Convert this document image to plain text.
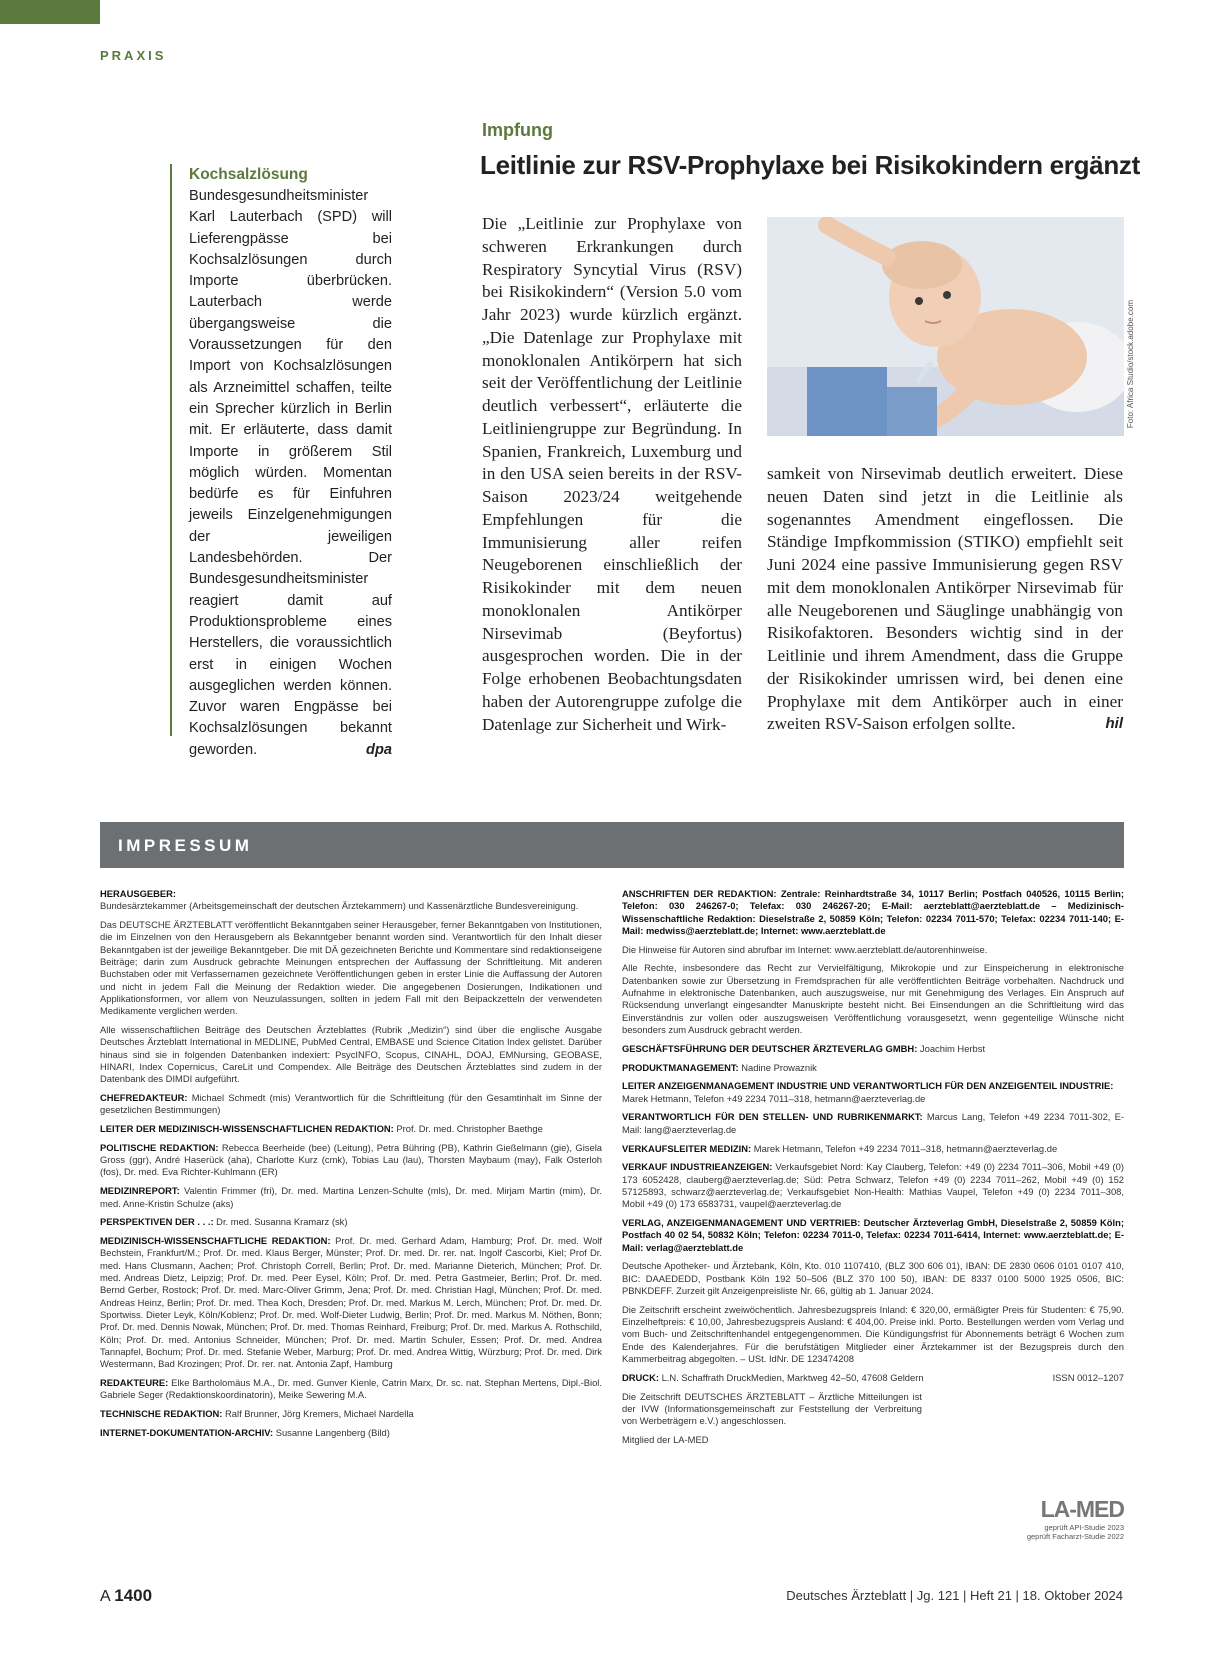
PRAXIS
Kochsalzlösung
Bundesgesundheitsminister Karl Lauterbach (SPD) will Lieferengpässe bei Kochsalzlösungen durch Importe überbrücken. Lauterbach werde übergangsweise die Voraussetzungen für den Import von Kochsalzlösungen als Arzneimittel schaffen, teilte ein Sprecher kürzlich in Berlin mit. Er erläuterte, dass damit Importe in größerem Stil möglich würden. Momentan bedürfe es für Einfuhren jeweils Einzelgenehmigungen der jeweiligen Landesbehörden. Der Bundesgesundheitsminister reagiert damit auf Produktionsprobleme eines Herstellers, die voraussichtlich erst in einigen Wochen ausgeglichen werden können. Zuvor waren Engpässe bei Kochsalzlösungen bekannt geworden.	dpa
Impfung
Leitlinie zur RSV-Prophylaxe bei Risikokindern ergänzt
Die „Leitlinie zur Prophylaxe von schweren Erkrankungen durch Respiratory Syncytial Virus (RSV) bei Risikokindern“ (Version 5.0 vom Jahr 2023) wurde kürzlich ergänzt. „Die Datenlage zur Prophylaxe mit monoklonalen Antikörpern hat sich seit der Veröffentlichung der Leitlinie deutlich verbessert“, erläuterte die Leitliniengruppe zur Begründung. In Spanien, Frankreich, Luxemburg und in den USA seien bereits in der RSV-Saison 2023/24 weitgehende Empfehlungen für die Immunisierung aller reifen Neugeborenen einschließlich der Risikokinder mit dem neuen monoklonalen Antikörper Nirsevimab (Beyfortus) ausgesprochen worden. Die in der Folge erhobenen Beobachtungsdaten haben der Autorengruppe zufolge die Datenlage zur Sicherheit und Wirk-
Foto: Africa Studio/stock.adobe.com
samkeit von Nirsevimab deutlich erweitert. Diese neuen Daten sind jetzt in die Leitlinie als sogenanntes Amendment eingeflossen. Die Ständige Impfkommission (STIKO) empfiehlt seit Juni 2024 eine passive Immunisierung gegen RSV mit dem monoklonalen Antikörper Nirsevimab für alle Neugeborenen und Säuglinge unabhängig von Risikofaktoren. Besonders wichtig sind in der Leitlinie und ihrem Amendment, dass die Gruppe der Risikokinder umrissen wird, bei denen eine Prophylaxe mit dem Antikörper auch in einer zweiten RSV-Saison erfolgen sollte.	hil
IMPRESSUM

HERAUSGEBER:
Bundesärztekammer (Arbeitsgemeinschaft der deutschen Ärztekammern) und Kassenärztliche Bundesvereinigung.

Das DEUTSCHE ÄRZTEBLATT veröffentlicht Bekanntgaben seiner Herausgeber, ferner Bekanntgaben von Institutionen, die im Einzelnen von den Herausgebern als Bekanntgeber benannt worden sind. Verantwortlich für den Inhalt dieser Bekanntgaben ist der jeweilige Bekanntgeber. Die mit DÄ gezeichneten Berichte und Kommentare sind redaktionseigene Beiträge; darin zum Ausdruck gebrachte Meinungen entsprechen der Auffassung der Schriftleitung. Mit anderen Buchstaben oder mit Verfassernamen gezeichnete Veröffentlichungen geben in erster Linie die Auffassung der Autoren und nicht in jedem Fall die Meinung der Redaktion wieder. Die angegebenen Dosierungen, Indikationen und Applikationsformen, vor allem von Neuzulassungen, sollten in jedem Fall mit den Beipackzetteln der verwendeten Medikamente verglichen werden.

Alle wissenschaftlichen Beiträge des Deutschen Ärzteblattes (Rubrik „Medizin“) sind über die englische Ausgabe Deutsches Ärzteblatt International in MEDLINE, PubMed Central, EMBASE und Science Citation Index gelistet. Darüber hinaus sind sie in folgenden Datenbanken indexiert: PsycINFO, Scopus, CINAHL, DOAJ, EMNursing, GEOBASE, HINARI, Index Copernicus, CareLit und Compendex. Alle Beiträge des Deutschen Ärzteblattes sind zudem in der Datenbank des DIMDI aufgeführt.

CHEFREDAKTEUR: Michael Schmedt (mis) Verantwortlich für die Schriftleitung (für den Gesamtinhalt im Sinne der gesetzlichen Bestimmungen)

LEITER DER MEDIZINISCH-WISSENSCHAFTLICHEN REDAKTION: Prof. Dr. med. Christopher Baethge

POLITISCHE REDAKTION: Rebecca Beerheide (bee) (Leitung), Petra Bühring (PB), Kathrin Gießelmann (gie), Gisela Gross (ggr), André Haserück (aha), Charlotte Kurz (cmk), Tobias Lau (lau), Thorsten Maybaum (may), Falk Osterloh (fos), Dr. med. Eva Richter-Kuhlmann (ER)

MEDIZINREPORT: Valentin Frimmer (fri), Dr. med. Martina Lenzen-Schulte (mls), Dr. med. Mirjam Martin (mim), Dr. med. Anne-Kristin Schulze (aks)

PERSPEKTIVEN DER . . .: Dr. med. Susanna Kramarz (sk)

MEDIZINISCH-WISSENSCHAFTLICHE REDAKTION: Prof. Dr. med. Gerhard Adam, Hamburg; Prof. Dr. med. Wolf Bechstein, Frankfurt/M.; Prof. Dr. med. Klaus Berger, Münster; Prof. Dr. med. Dr. rer. nat. Ingolf Cascorbi, Kiel; Prof Dr. med. Hans Clusmann, Aachen; Prof. Christoph Correll, Berlin; Prof. Dr. med. Marianne Dieterich, München; Prof. Dr. med. Andreas Dietz, Leipzig; Prof. Dr. med. Peer Eysel, Köln; Prof. Dr. med. Petra Gastmeier, Berlin; Prof. Dr. med. Bernd Gerber, Rostock; Prof. Dr. med. Marc-Oliver Grimm, Jena; Prof. Dr. med. Christian Hagl, München; Prof. Dr. med. Andreas Heinz, Berlin; Prof. Dr. med. Thea Koch, Dresden; Prof. Dr. med. Markus M. Lerch, München; Prof. Dr. med. Dr. Sportwiss. Dieter Leyk, Köln/Koblenz; Prof. Dr. med. Wolf-Dieter Ludwig, Berlin; Prof. Dr. med. Markus M. Nöthen, Bonn; Prof. Dr. med. Dennis Nowak, München; Prof. Dr. med. Thomas Reinhard, Freiburg; Prof. Dr. med. Markus A. Rothschild, Köln; Prof. Dr. med. Antonius Schneider, München; Prof. Dr. med. Martin Schuler, Essen; Prof. Dr. med. Andrea Tannapfel, Bochum; Prof. Dr. med. Stefanie Weber, Marburg; Prof. Dr. med. Andrea Wittig, Würzburg; Prof. Dr. med. Dirk Westermann, Bad Krozingen; Prof. Dr. rer. nat. Antonia Zapf, Hamburg

REDAKTEURE: Elke Bartholomäus M.A., Dr. med. Gunver Kienle, Catrin Marx, Dr. sc. nat. Stephan Mertens, Dipl.-Biol. Gabriele Seger (Redaktionskoordinatorin), Meike Sewering M.A.

TECHNISCHE REDAKTION: Ralf Brunner, Jörg Kremers, Michael Nardella

INTERNET-DOKUMENTATION-ARCHIV: Susanne Langenberg (Bild)

ANSCHRIFTEN DER REDAKTION: Zentrale: Reinhardtstraße 34, 10117 Berlin; Postfach 040526, 10115 Berlin; Telefon: 030 246267-0; Telefax: 030 246267-20; E-Mail: aerzteblatt@aerzteblatt.de – Medizinisch-Wissenschaftliche Redaktion: Dieselstraße 2, 50859 Köln; Telefon: 02234 7011-570; Telefax: 02234 7011-140; E-Mail: medwiss@aerzteblatt.de; Internet: www.aerzteblatt.de

Die Hinweise für Autoren sind abrufbar im Internet: www.aerzteblatt.de/autorenhinweise.

Alle Rechte, insbesondere das Recht zur Vervielfältigung, Mikrokopie und zur Einspeicherung in elektronische Datenbanken sowie zur Übersetzung in Fremdsprachen für alle veröffentlichten Beiträge vorbehalten. Nachdruck und Aufnahme in elektronische Datenbanken, auch auszugsweise, nur mit Genehmigung des Verlages. Ein Anspruch auf Rücksendung unverlangt eingesandter Manuskripte besteht nicht. Bei Einsendungen an die Schriftleitung wird das Einverständnis zur vollen oder auszugsweisen Veröffentlichung vorausgesetzt, wenn gegenteilige Wünsche nicht besonders zum Ausdruck gebracht werden.

GESCHÄFTSFÜHRUNG DER DEUTSCHER ÄRZTEVERLAG GMBH: Joachim Herbst

PRODUKTMANAGEMENT: Nadine Prowaznik

LEITER ANZEIGENMANAGEMENT INDUSTRIE UND VERANTWORTLICH FÜR DEN ANZEIGENTEIL INDUSTRIE:
Marek Hetmann, Telefon +49 2234 7011–318, hetmann@aerzteverlag.de

VERANTWORTLICH FÜR DEN STELLEN- UND RUBRIKENMARKT: Marcus Lang, Telefon +49 2234 7011-302, E-Mail: lang@aerzteverlag.de

VERKAUFSLEITER MEDIZIN: Marek Hetmann, Telefon +49 2234 7011–318, hetmann@aerzteverlag.de

VERKAUF INDUSTRIEANZEIGEN: Verkaufsgebiet Nord: Kay Clauberg, Telefon: +49 (0) 2234 7011–306, Mobil +49 (0) 173 6052428, clauberg@aerzteverlag.de; Süd: Petra Schwarz, Telefon +49 (0) 2234 7011–262, Mobil +49 (0) 152 57125893, schwarz@aerzteverlag.de; Verkaufsgebiet Non-Health: Mathias Vaupel, Telefon +49 (0) 2234 7011–308, Mobil +49 (0) 173 6583731, vaupel@aerzteverlag.de

VERLAG, ANZEIGENMANAGEMENT UND VERTRIEB: Deutscher Ärzteverlag GmbH, Dieselstraße 2, 50859 Köln; Postfach 40 02 54, 50832 Köln; Telefon: 02234 7011-0, Telefax: 02234 7011-6414, Internet: www.aerzteblatt.de; E-Mail: verlag@aerzteblatt.de

Deutsche Apotheker- und Ärztebank, Köln, Kto. 010 1107410, (BLZ 300 606 01), IBAN: DE 2830 0606 0101 0107 410, BIC: DAAEDEDD, Postbank Köln 192 50–506 (BLZ 370 100 50), IBAN: DE 8337 0100 5000 1925 0506, BIC: PBNKDEFF. Zurzeit gilt Anzeigenpreisliste Nr. 66, gültig ab 1. Januar 2024.

Die Zeitschrift erscheint zweiwöchentlich. Jahresbezugspreis Inland: € 320,00, ermäßigter Preis für Studenten: € 75,90. Einzelheftpreis: € 10,00, Jahresbezugspreis Ausland: € 404,00. Preise inkl. Porto. Bestellungen werden vom Verlag und vom Buch- und Zeitschriftenhandel entgegengenommen. Die Kündigungsfrist für Abonnements beträgt 6 Wochen zum Ende des Kalenderjahres. Für die berufstätigen Mitglieder einer Ärztekammer ist der Bezugspreis durch den Kammerbeitrag abgegolten. – USt. IdNr. DE 123474208

ISSN 0012–1207
DRUCK: L.N. Schaffrath DruckMedien, Marktweg 42–50, 47608 Geldern

Die Zeitschrift DEUTSCHES ÄRZTEBLATT – Ärztliche Mitteilungen ist der IVW (Informationsgemeinschaft zur Feststellung der Verbreitung von Werbeträgern e.V.) angeschlossen.

Mitglied der LA-MED

LA-MED
geprüft API-Studie 2023
geprüft Facharzt-Studie 2022
A 1400	Deutsches Ärzteblatt | Jg. 121 | Heft 21 | 18. Oktober 2024
